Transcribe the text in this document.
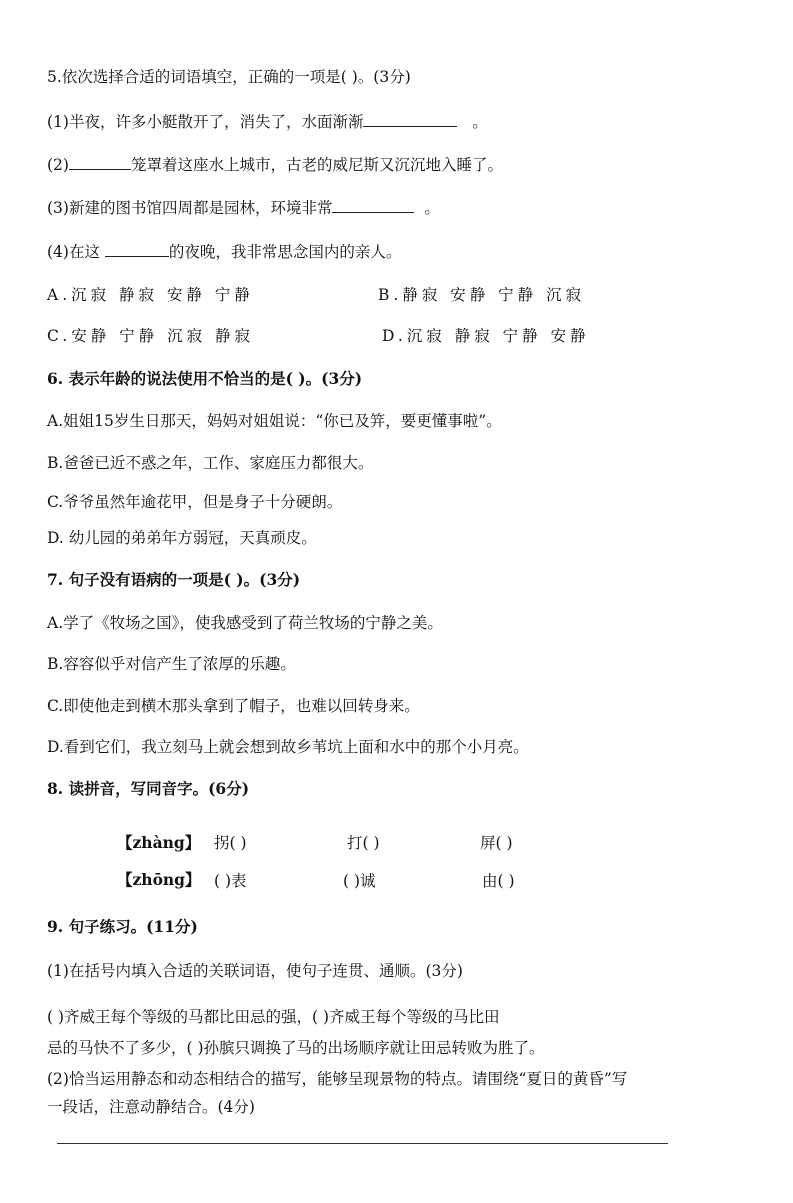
5.依次选择合适的词语填空，正确的一项是( )。(3分)
(1)半夜，许多小艇散开了，消失了，水面渐渐	。
(2)	笼罩着这座水上城市，古老的威尼斯又沉沉地入睡了。
(3)新建的图书馆四周都是园林，环境非常	。
(4)在这	的夜晚，我非常思念国内的亲人。
A.沉寂 静寂 安静 宁静	B.静寂 安静 宁静 沉寂
C.安静 宁静 沉寂 静寂	D.沉寂 静寂 宁静 安静
6. 表示年龄的说法使用不恰当的是( )。(3分)
A.姐姐15岁生日那天，妈妈对姐姐说：“你已及笄，要更懂事啦”。
B.爸爸已近不惑之年，工作、家庭压力都很大。
C.爷爷虽然年逾花甲，但是身子十分硬朗。
D. 幼儿园的弟弟年方弱冠，天真顽皮。
7. 句子没有语病的一项是( )。(3分)
A.学了《牧场之国》，使我感受到了荷兰牧场的宁静之美。
B.容容似乎对信产生了浓厚的乐趣。
C.即使他走到横木那头拿到了帽子，也难以回转身来。
D.看到它们，我立刻马上就会想到故乡苇坑上面和水中的那个小月亮。
8. 读拼音，写同音字。(6分)
【zhàng】 拐( )	打( )	屏( )
【zhōng】 ( )表	( )诚	由( )
9. 句子练习。(11分)
(1)在括号内填入合适的关联词语，使句子连贯、通顺。(3分)
( )齐威王每个等级的马都比田忌的强，( )齐威王每个等级的马比田
忌的马快不了多少，( )孙膑只调换了马的出场顺序就让田忌转败为胜了。
(2)恰当运用静态和动态相结合的描写，能够呈现景物的特点。请围绕“夏日的黄昏”写
一段话，注意动静结合。(4分)
